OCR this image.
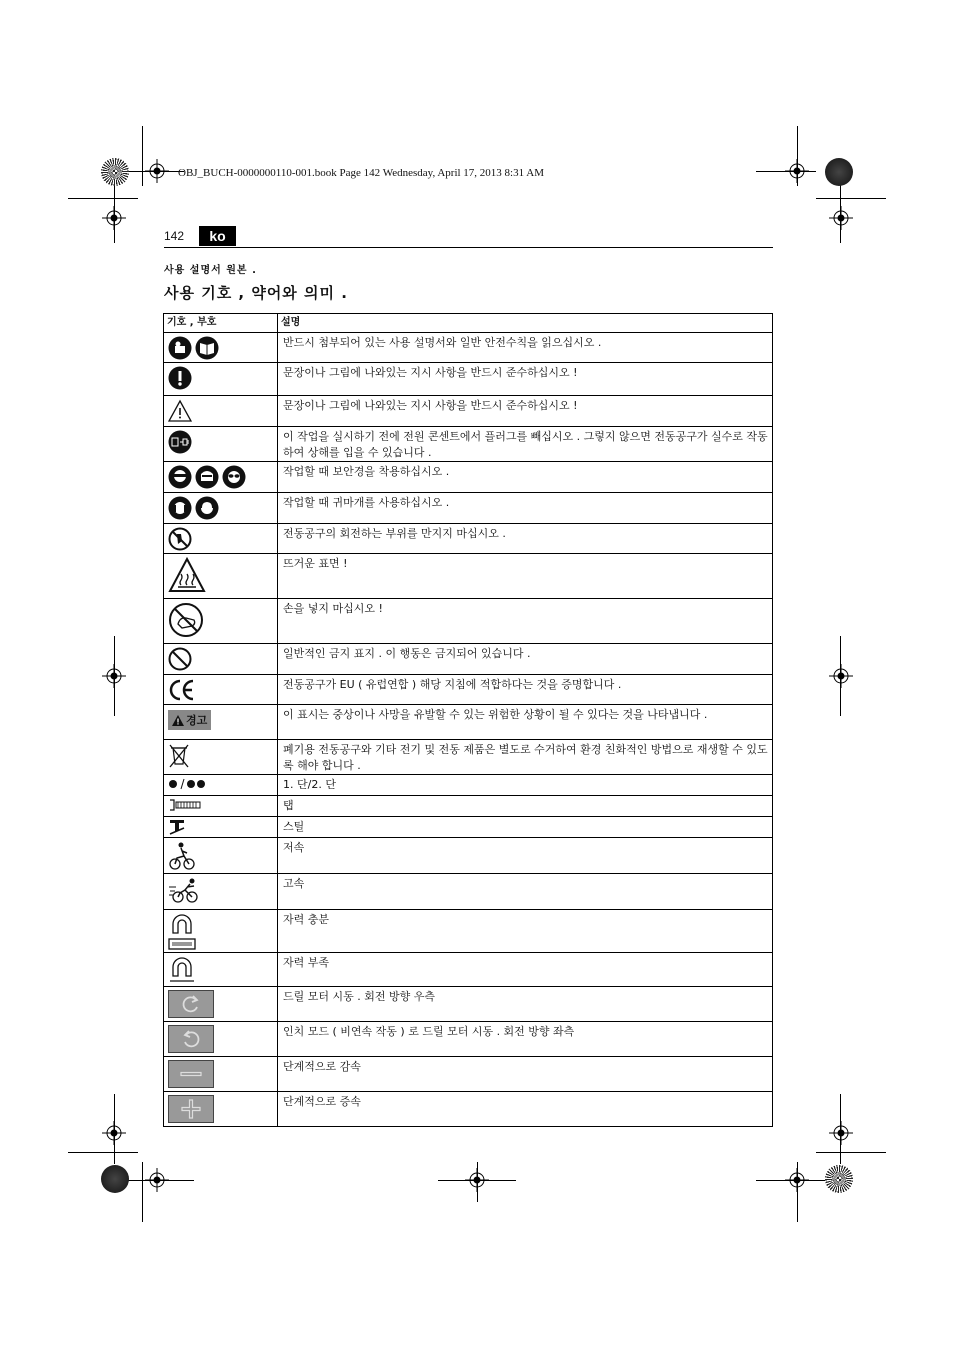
OBJ_BUCH-0000000110-001.book Page 142 Wednesday, April 17, 2013 8:31 AM
142	ko
사용 설명서 원본 .
사용 기호 , 약어와 의미 .
기호 , 부호	설명

	반드시 첨부되어 있는 사용 설명서와 일반 안전수칙을 읽으십시오 .

	문장이나 그림에 나와있는 지시 사항을 반드시 준수하십시오 !

	문장이나 그림에 나와있는 지시 사항을 반드시 준수하십시오 !

	이 작업을 실시하기 전에 전원 콘센트에서 플러그를 빼십시오 . 그렇지 않으면 전동공구가 실수로 작동하여 상해를 입을 수 있습니다 .

	작업할 때 보안경을 착용하십시오 .

	작업할 때 귀마개를 사용하십시오 .

	전동공구의 회전하는 부위를 만지지 마십시오 .

	뜨거운 표면 !

	손을 넣지 마십시오 !

	일반적인 금지 표지 . 이 행동은 금지되어 있습니다 .

	전동공구가 EU ( 유럽연합 ) 해당 지침에 적합하다는 것을 증명합니다 .

경고	이 표시는 중상이나 사망을 유발할 수 있는 위험한 상황이 될 수 있다는 것을 나타냅니다 .

	폐기용 전동공구와 기타 전기 및 전동 제품은 별도로 수거하여 환경 친화적인 방법으로 재생할 수 있도록 해야 합니다 .

	1. 단/2. 단

	탭

	스틸

	저속

	고속

	자력 충분

	자력 부족

	드릴 모터 시동 . 회전 방향 우측

	인치 모드 ( 비연속 작동 ) 로 드릴 모터 시동 . 회전 방향 좌측

	단계적으로 감속

	단계적으로 증속
